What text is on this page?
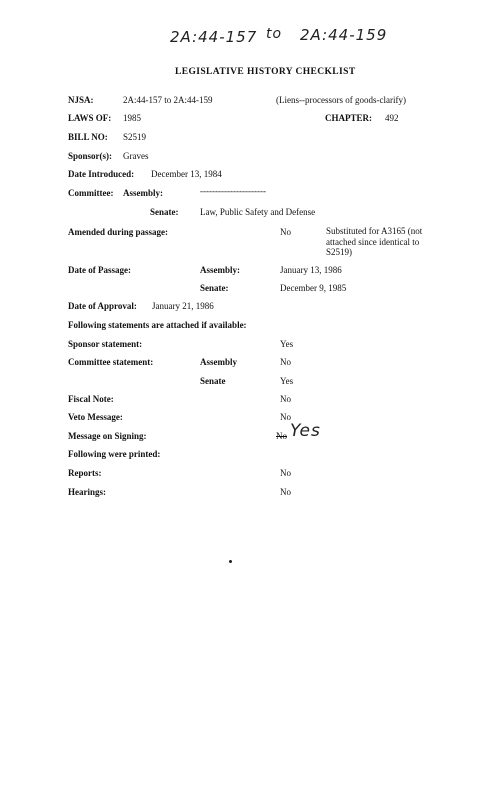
2A:44-157 to 2A:44-159
LEGISLATIVE HISTORY CHECKLIST
NJSA:	2A:44-157 to 2A:44-159	(Liens--processors of goods-clarify)
LAWS OF: 1985	CHAPTER: 492
BILL NO: S2519
Sponsor(s): Graves
Date Introduced: December 13, 1984
Committee: Assembly:	----------------------
Senate: Law, Public Safety and Defense
Amended during passage:	No	Substituted for A3165 (not attached since identical to S2519)
Date of Passage:	Assembly:	January 13, 1986
Senate:	December 9, 1985
Date of Approval: January 21, 1986
Following statements are attached if available:
Sponsor statement:	Yes
Committee statement:	Assembly	No
Senate	Yes
Fiscal Note:	No
Veto Message:	No
Message on Signing:	No Yes
Following were printed:
Reports:	No
Hearings:	No
